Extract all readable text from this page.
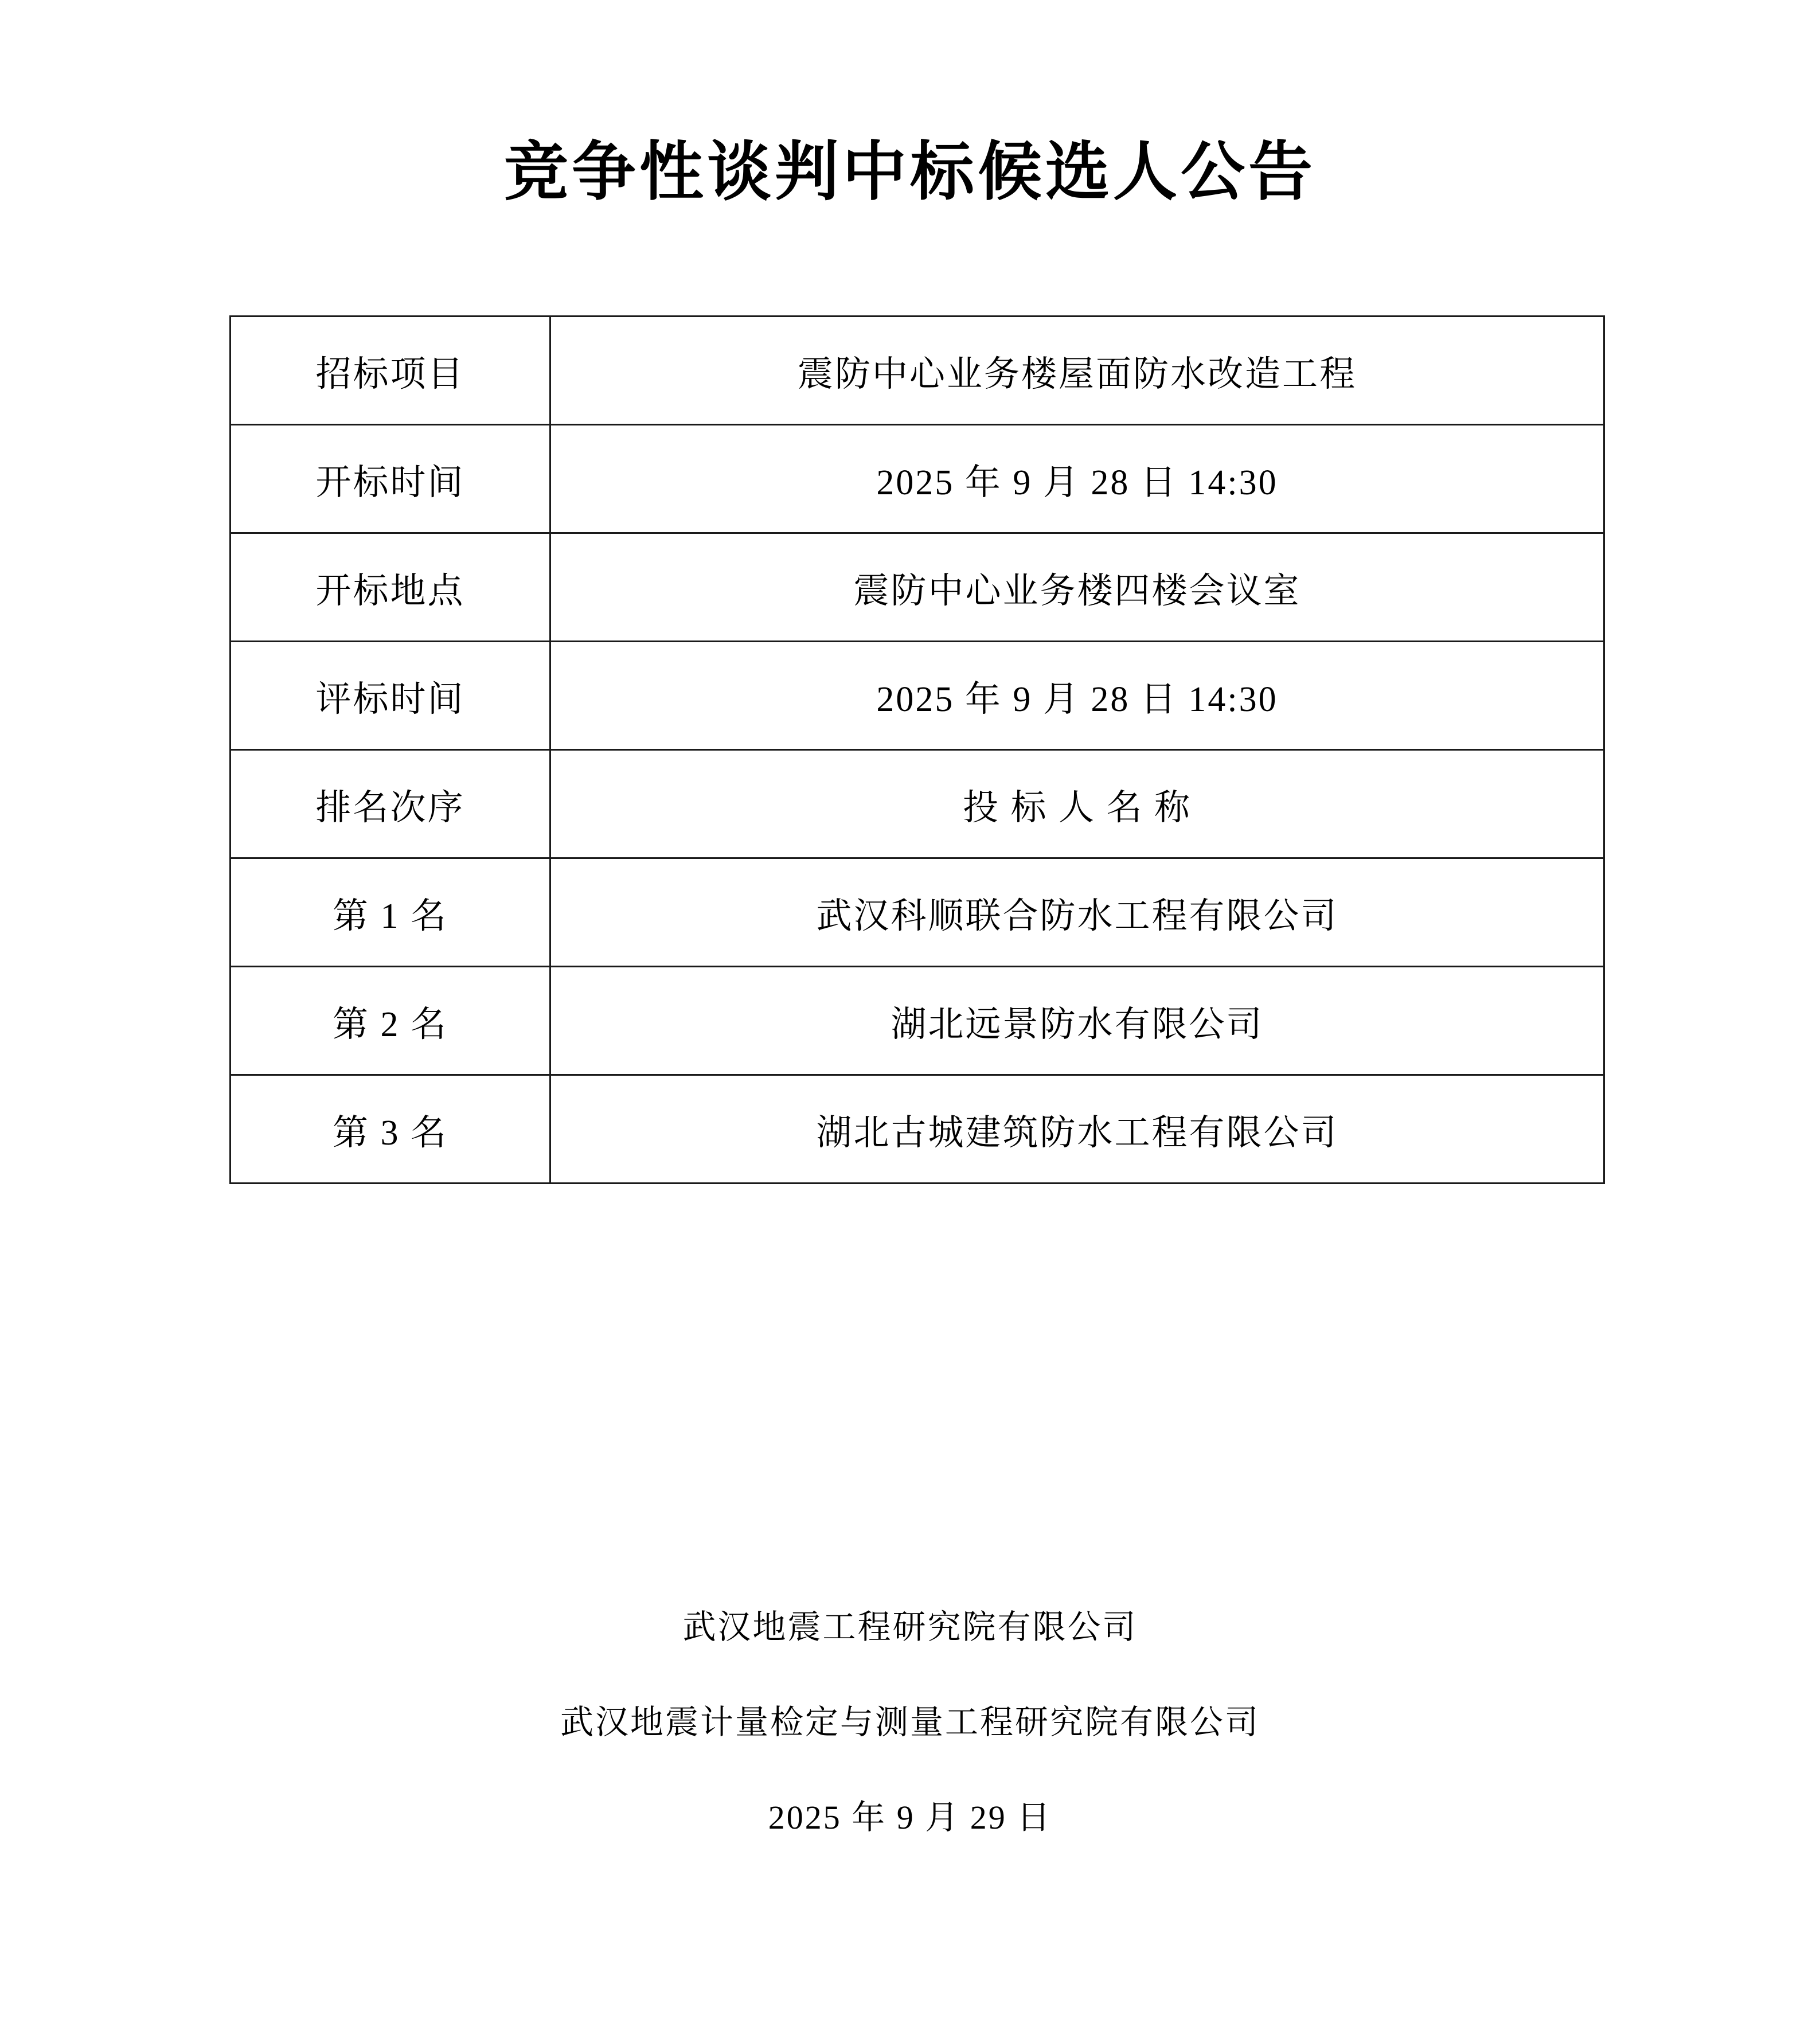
竞争性谈判中标候选人公告
招标项目	震防中心业务楼屋面防水改造工程
开标时间	2025 年 9 月 28 日 14:30
开标地点	震防中心业务楼四楼会议室
评标时间	2025 年 9 月 28 日 14:30
排名次序	投 标 人 名 称
第 1 名	武汉科顺联合防水工程有限公司
第 2 名	湖北远景防水有限公司
第 3 名	湖北古城建筑防水工程有限公司
武汉地震工程研究院有限公司
武汉地震计量检定与测量工程研究院有限公司
2025 年 9 月 29 日
